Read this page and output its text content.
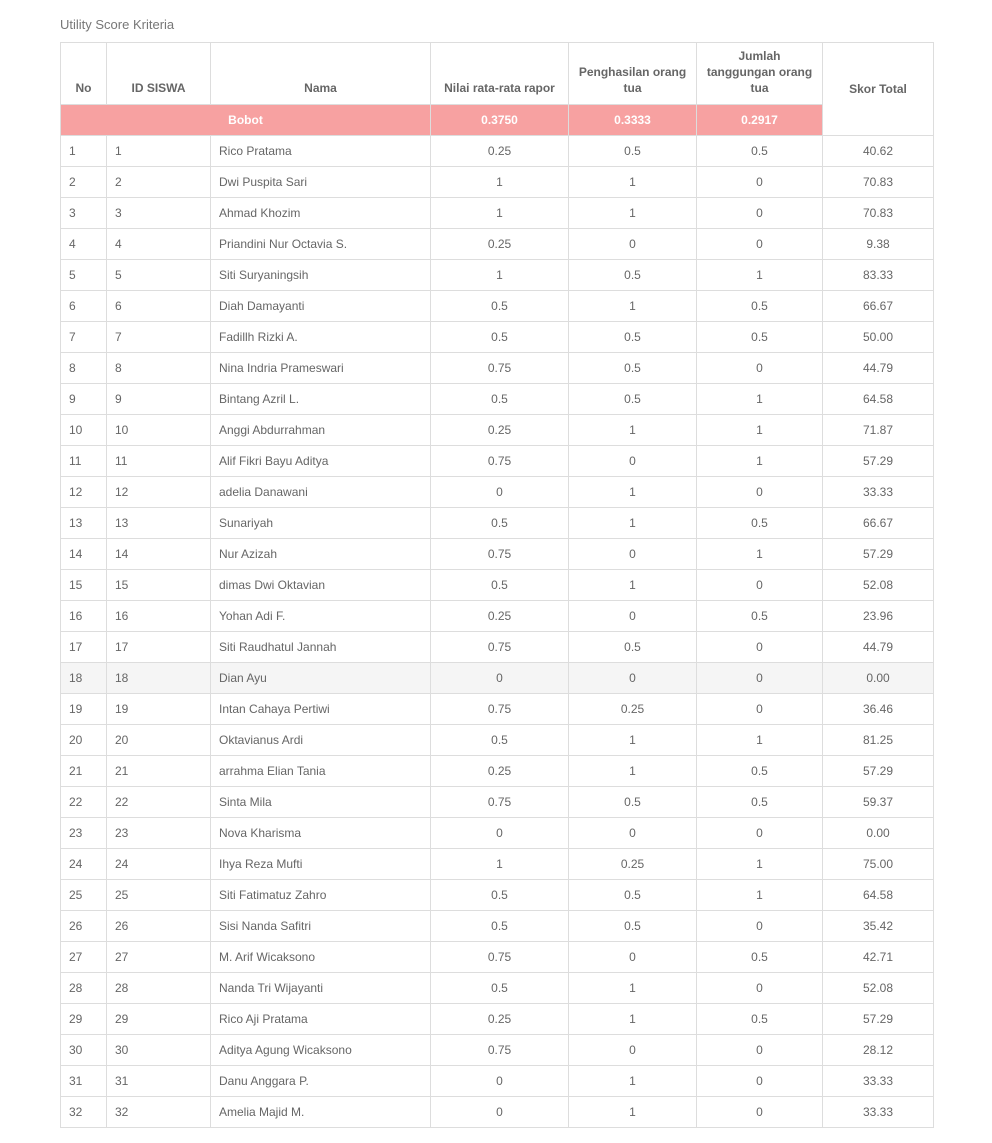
Utility Score Kriteria
No	ID SISWA	Nama	Nilai rata-rata rapor	Penghasilan orang tua	Jumlah tanggungan orang tua	Skor Total
Bobot			0.3750	0.3333	0.2917	
1	1	Rico Pratama	0.25	0.5	0.5	40.62
2	2	Dwi Puspita Sari	1	1	0	70.83
3	3	Ahmad Khozim	1	1	0	70.83
4	4	Priandini Nur Octavia S.	0.25	0	0	9.38
5	5	Siti Suryaningsih	1	0.5	1	83.33
6	6	Diah Damayanti	0.5	1	0.5	66.67
7	7	Fadillh Rizki A.	0.5	0.5	0.5	50.00
8	8	Nina Indria Prameswari	0.75	0.5	0	44.79
9	9	Bintang Azril L.	0.5	0.5	1	64.58
10	10	Anggi Abdurrahman	0.25	1	1	71.87
11	11	Alif Fikri Bayu Aditya	0.75	0	1	57.29
12	12	adelia Danawani	0	1	0	33.33
13	13	Sunariyah	0.5	1	0.5	66.67
14	14	Nur Azizah	0.75	0	1	57.29
15	15	dimas Dwi Oktavian	0.5	1	0	52.08
16	16	Yohan Adi F.	0.25	0	0.5	23.96
17	17	Siti Raudhatul Jannah	0.75	0.5	0	44.79
18	18	Dian Ayu	0	0	0	0.00
19	19	Intan Cahaya Pertiwi	0.75	0.25	0	36.46
20	20	Oktavianus Ardi	0.5	1	1	81.25
21	21	arrahma Elian Tania	0.25	1	0.5	57.29
22	22	Sinta Mila	0.75	0.5	0.5	59.37
23	23	Nova Kharisma	0	0	0	0.00
24	24	Ihya Reza Mufti	1	0.25	1	75.00
25	25	Siti Fatimatuz Zahro	0.5	0.5	1	64.58
26	26	Sisi Nanda Safitri	0.5	0.5	0	35.42
27	27	M. Arif Wicaksono	0.75	0	0.5	42.71
28	28	Nanda Tri Wijayanti	0.5	1	0	52.08
29	29	Rico Aji Pratama	0.25	1	0.5	57.29
30	30	Aditya Agung Wicaksono	0.75	0	0	28.12
31	31	Danu Anggara P.	0	1	0	33.33
32	32	Amelia Majid M.	0	1	0	33.33
